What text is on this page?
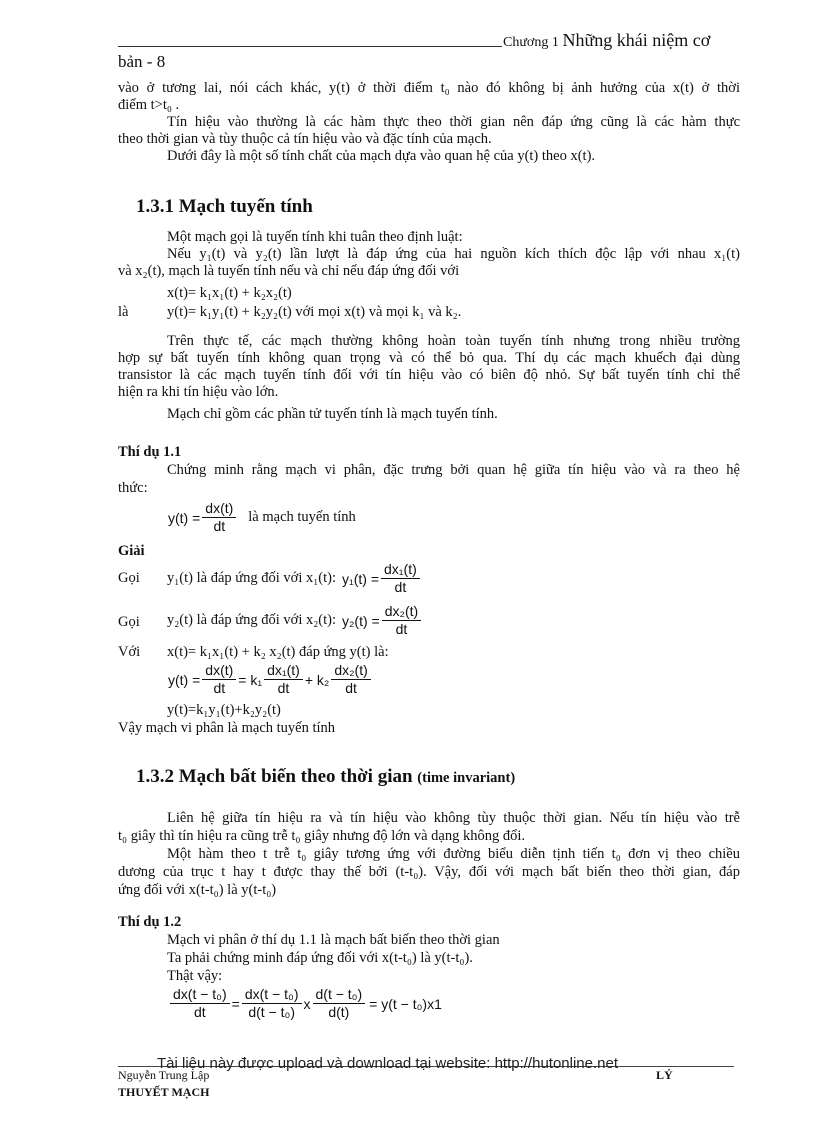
Chương 1 Những khái niệm cơ
bản - 8
vào ở tương lai, nói cách khác, y(t) ở thời điểm t₀ nào đó không bị ảnh hưởng của x(t) ở thời
điểm t>t₀ .
Tín hiệu vào thường là các hàm thực theo thời gian nên đáp ứng cũng là các hàm thực
theo thời gian và tùy thuộc cả tín hiệu vào và đặc tính của mạch.
Dưới đây là một số tính chất của mạch dựa vào quan hệ của y(t) theo x(t).
1.3.1 Mạch tuyến tính
Một mạch gọi là tuyến tính khi tuân theo định luật:
Nếu y₁(t) và y₂(t) lần lượt là đáp ứng của hai nguồn kích thích độc lập với nhau x₁(t)
và x₂(t), mạch là tuyến tính nếu và chỉ nếu đáp ứng đối với
x(t)= k₁x₁(t) + k₂x₂(t)
là	y(t)= k₁y₁(t) + k₂y₂(t) với mọi x(t) và mọi k₁ và k₂.
Trên thực tế, các mạch thường không hoàn toàn tuyến tính nhưng trong nhiều trường
hợp sự bất tuyến tính không quan trọng và có thể bỏ qua. Thí dụ các mạch khuếch đại dùng
transistor là các mạch tuyến tính đối với tín hiệu vào có biên độ nhỏ. Sự bất tuyến tính chỉ thể
hiện ra khi tín hiệu vào lớn.
Mạch chỉ gồm các phần tử tuyến tính là mạch tuyến tính.
Thí dụ 1.1
Chứng minh rằng mạch vi phân, đặc trưng bởi quan hệ giữa tín hiệu vào và ra theo hệ
thức:
$y(t) = \frac{dx(t)}{dt}$ là mạch tuyến tính
Giải
Gọi y₁(t) là đáp ứng đối với x₁(t): $y_1(t) = \frac{\text{dx₁(t)}}{dt}$
Gọi y₂(t) là đáp ứng đối với x₂(t): $y_2(t) = \frac{\text{dx₂(t)}}{dt}$
Với x(t)= k₁x₁(t) + k₂ x₂(t) đáp ứng y(t) là:
$y(t) = \frac{dx(t)}{dt} = k_1 \frac{\text{dx₁(t)}}{dt} + k_2 \frac{\text{dx₂(t)}}{dt}$
y(t)=k₁y₁(t)+k₂y₂(t)
Vậy mạch vi phân là mạch tuyến tính
1.3.2 Mạch bất biến theo thời gian (time invariant)
Liên hệ giữa tín hiệu ra và tín hiệu vào không tùy thuộc thời gian. Nếu tín hiệu vào trễ
t₀ giây thì tín hiệu ra cũng trễ t₀ giây nhưng độ lớn và dạng không đổi.
Một hàm theo t trễ t₀ giây tương ứng với đường biểu diễn tịnh tiến t₀ đơn vị theo chiều
dương của trục t hay t được thay thế bởi (t-t₀). Vậy, đối với mạch bất biến theo thời gian, đáp
ứng đối với x(t-t₀) là y(t-t₀)
Thí dụ 1.2
Mạch vi phân ở thí dụ 1.1 là mạch bất biến theo thời gian
Ta phải chứng minh đáp ứng đối với x(t-t₀) là y(t-t₀).
Thật vậy:
$\frac{\text{dx(t − t₀)}}{dt} = \frac{\text{dx(t − t₀)}}{\text{d(t − t₀)}}$ x $\frac{\text{d(t − t₀)}}{d(t)} = y(t - t_0)x1$
Tài liệu này được upload và download tại website: http://hutonline.net
Nguyễn Trung Lập	LÝ
THUYẾT MẠCH
